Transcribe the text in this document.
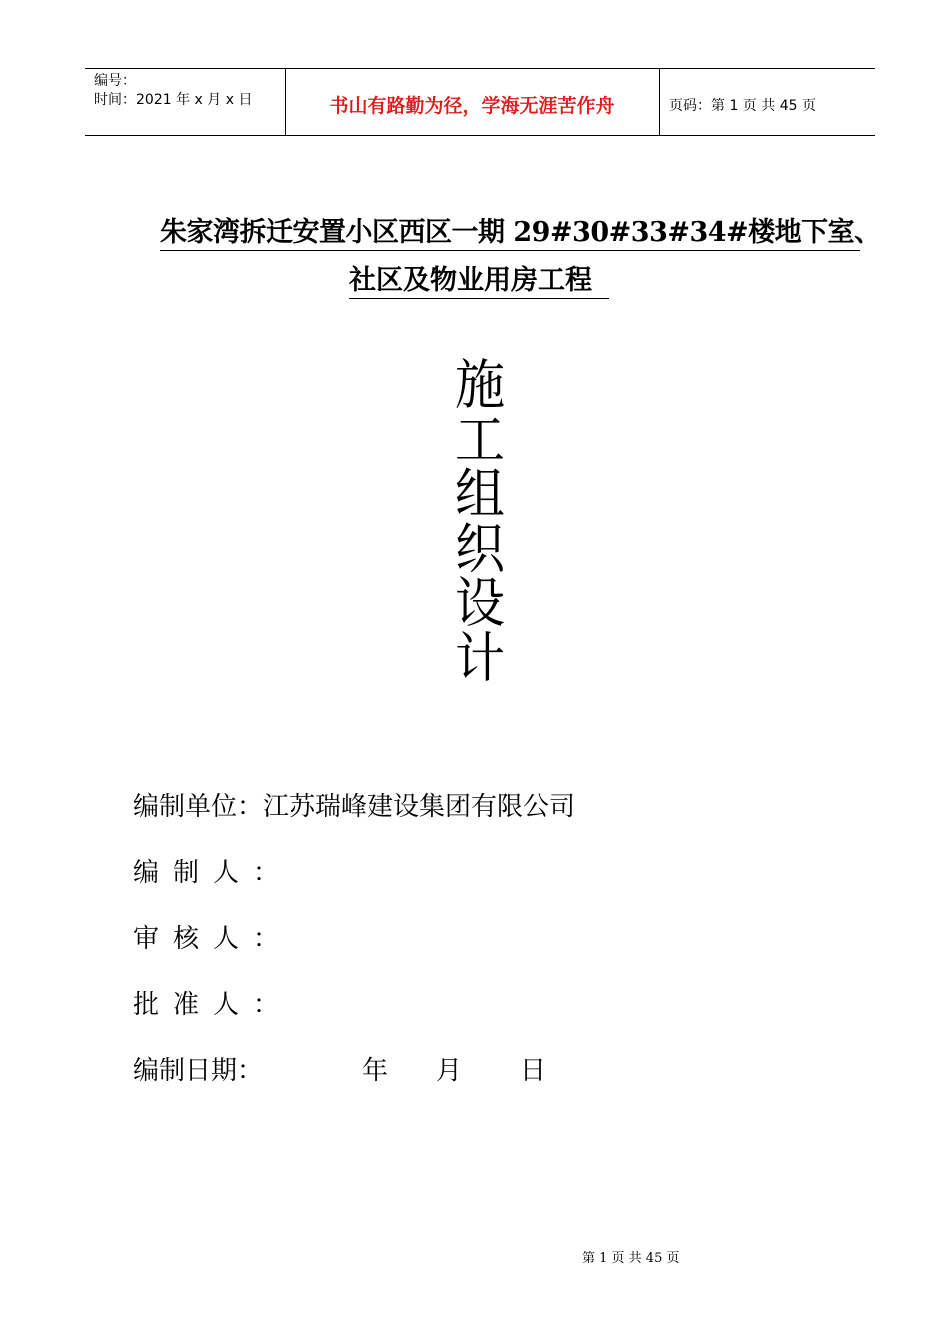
编号：
时间：2021 年 x 月 x 日	书山有路勤为径，学海无涯苦作舟	页码：第 1 页 共 45 页
朱家湾拆迁安置小区西区一期 29#30#33#34#楼地下室、
社区及物业用房工程
施
工
组
织
设
计
编制单位：江苏瑞峰建设集团有限公司
编制人：
审核人：
批准人：
编制日期：	年 月 日
第 1 页 共 45 页
